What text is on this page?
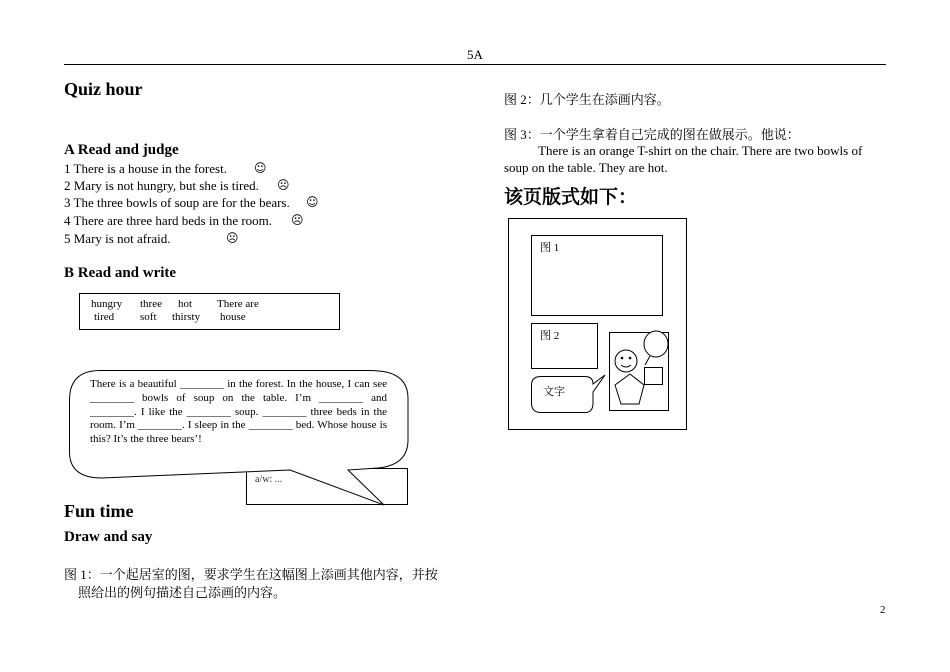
5A
Quiz hour
A Read and judge
1 There is a house in the forest. ☺
2 Mary is not hungry, but she is tired. ☹
3 The three bowls of soup are for the bears. ☺
4 There are three hard beds in the room. ☹
5 Mary is not afraid.	☹
B Read and write
hungry three hot There are
tired soft thirsty house
a/w: ...
There is a beautiful ________ in the forest. In the house, I can see ________ bowls of soup on the table. I’m ________ and ________. I like the ________ soup. ________ three beds in the room. I’m ________. I sleep in the ________ bed. Whose house is this? It’s the three bears’!
Fun time
Draw and say
图 1：一个起居室的图，要求学生在这幅图上添画其他内容，并按
照给出的例句描述自己添画的内容。
图 2：几个学生在添画内容。
图 3：一个学生拿着自己完成的图在做展示。他说：
There is an orange T-shirt on the chair. There are two bowls of
soup on the table. They are hot.
该页版式如下：
图 1
图 2
文字
2
